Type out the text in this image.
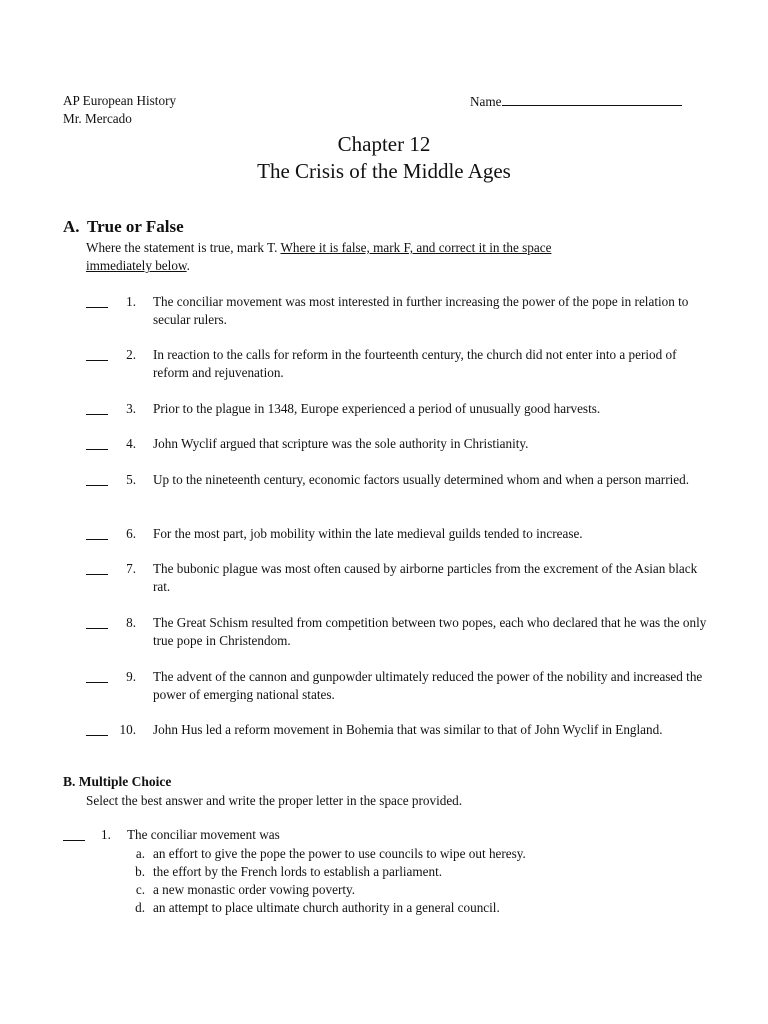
AP European History
Mr. Mercado
Name
Chapter 12
The Crisis of the Middle Ages
A. True or False
Where the statement is true, mark T. Where it is false, mark F, and correct it in the space
immediately below.
1. The conciliar movement was most interested in further increasing the power of the pope in relation to secular rulers.
2. In reaction to the calls for reform in the fourteenth century, the church did not enter into a period of reform and rejuvenation.
3. Prior to the plague in 1348, Europe experienced a period of unusually good harvests.
4. John Wyclif argued that scripture was the sole authority in Christianity.
5. Up to the nineteenth century, economic factors usually determined whom and when a person married.
6. For the most part, job mobility within the late medieval guilds tended to increase.
7. The bubonic plague was most often caused by airborne particles from the excrement of the Asian black rat.
8. The Great Schism resulted from competition between two popes, each who declared that he was the only true pope in Christendom.
9. The advent of the cannon and gunpowder ultimately reduced the power of the nobility and increased the power of emerging national states.
10. John Hus led a reform movement in Bohemia that was similar to that of John Wyclif in England.
B. Multiple Choice
Select the best answer and write the proper letter in the space provided.
1. The conciliar movement was
a. an effort to give the pope the power to use councils to wipe out heresy.
b. the effort by the French lords to establish a parliament.
c. a new monastic order vowing poverty.
d. an attempt to place ultimate church authority in a general council.
